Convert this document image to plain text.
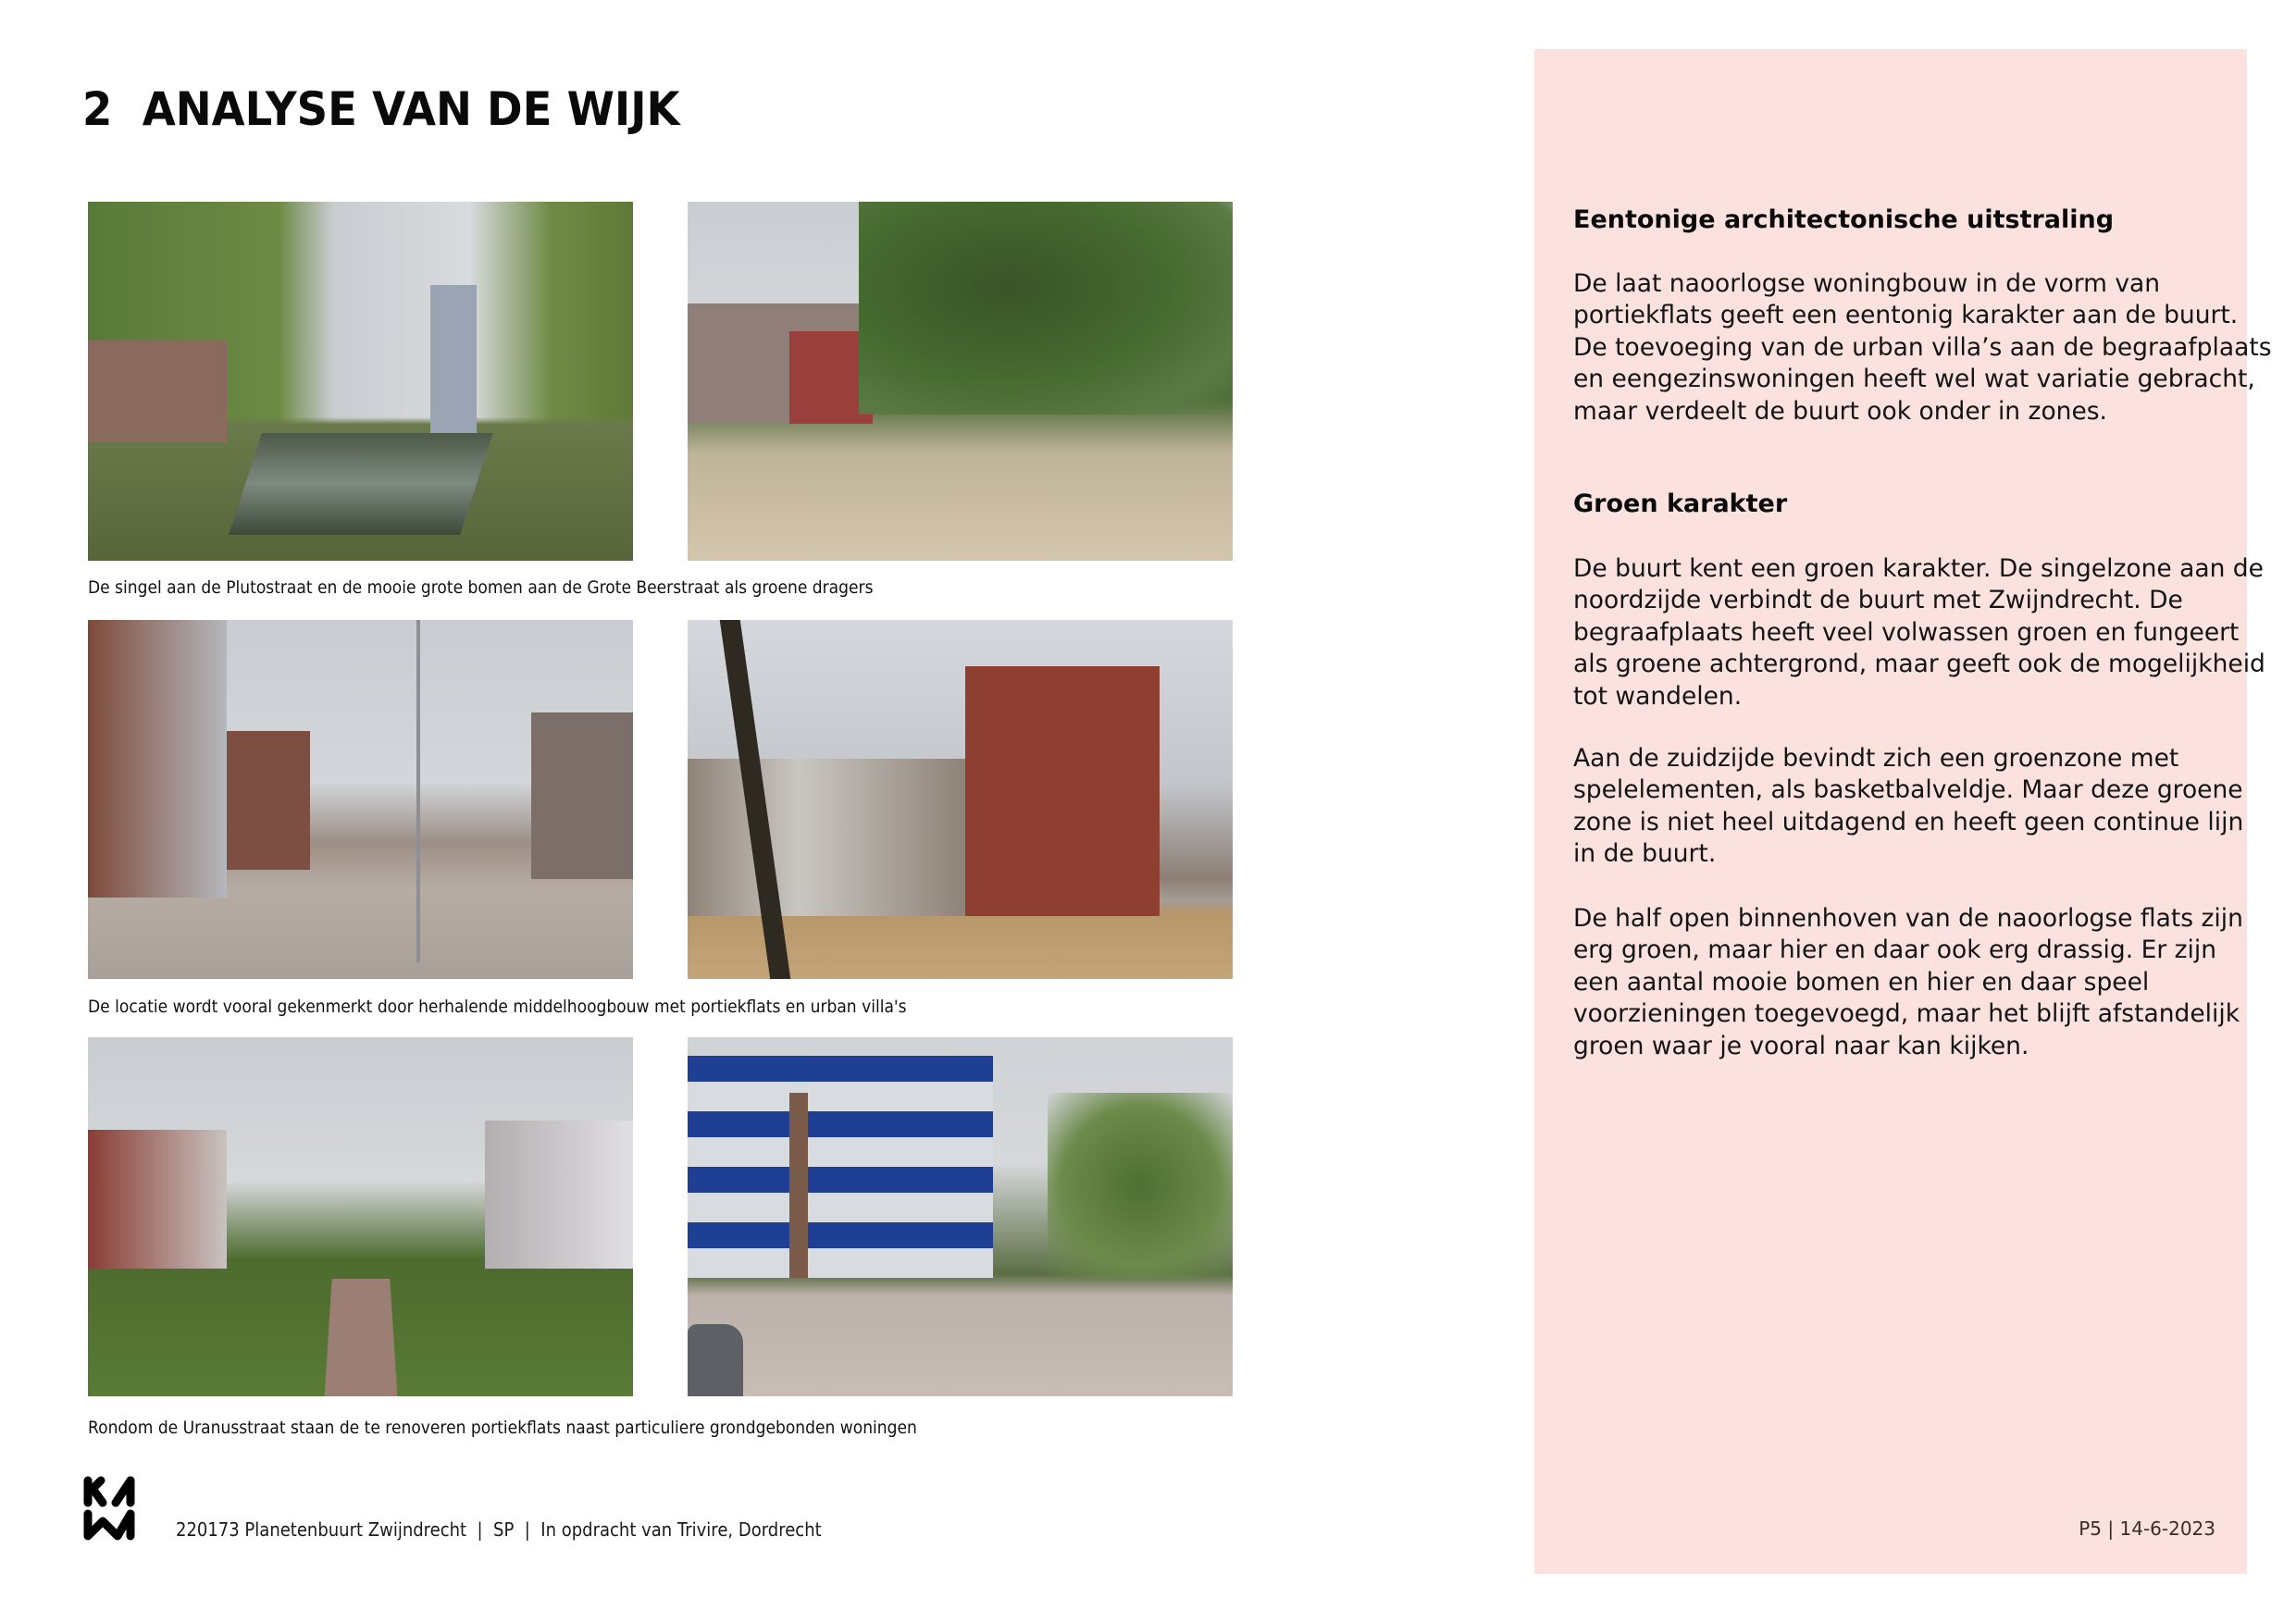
2  ANALYSE VAN DE WIJK
De singel aan de Plutostraat en de mooie grote bomen aan de Grote Beerstraat als groene dragers
De locatie wordt vooral gekenmerkt door herhalende middelhoogbouw met portiekflats en urban villa's
Rondom de Uranusstraat staan de te renoveren portiekflats naast particuliere grondgebonden woningen
220173 Planetenbuurt Zwijndrecht  |  SP  |  In opdracht van Trivire, Dordrecht
Eentonige architectonische uitstraling
De laat naoorlogse woningbouw in de vorm van
portiekflats geeft een eentonig karakter aan de buurt.
De toevoeging van de urban villa’s aan de begraafplaats
en eengezinswoningen heeft wel wat variatie gebracht,
maar verdeelt de buurt ook onder in zones.
Groen karakter
De buurt kent een groen karakter. De singelzone aan de
noordzijde verbindt de buurt met Zwijndrecht. De
begraafplaats heeft veel volwassen groen en fungeert
als groene achtergrond, maar geeft ook de mogelijkheid
tot wandelen.
Aan de zuidzijde bevindt zich een groenzone met
spelelementen, als basketbalveldje. Maar deze groene
zone is niet heel uitdagend en heeft geen continue lijn
in de buurt.
De half open binnenhoven van de naoorlogse flats zijn
erg groen, maar hier en daar ook erg drassig. Er zijn
een aantal mooie bomen en hier en daar speel
voorzieningen toegevoegd, maar het blijft afstandelijk
groen waar je vooral naar kan kijken.
P5 | 14-6-2023
